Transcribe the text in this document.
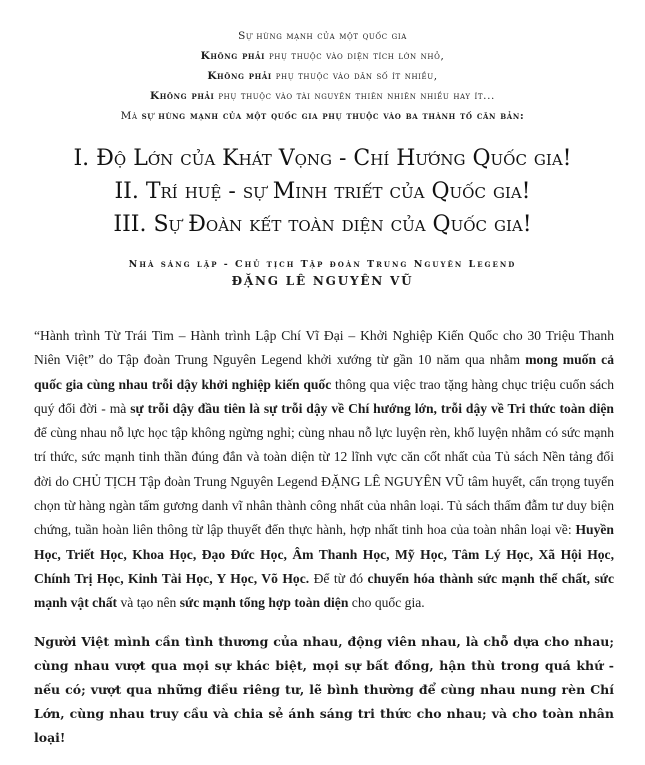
Sự hùng mạnh của một quốc gia
Không phải phụ thuộc vào diện tích lớn nhỏ,
Không phải phụ thuộc vào dân số ít nhiều,
Không phải phụ thuộc vào tài nguyên thiên nhiên nhiều hay ít...
Mà sự hùng mạnh của một quốc gia phụ thuộc vào ba thành tố căn bản:
I. Độ Lớn của Khát Vọng - Chí Hướng Quốc gia!
II. Trí huệ - sự Minh triết của Quốc gia!
III. Sự Đoàn kết toàn diện của Quốc gia!
Nhà sáng lập - Chủ tịch Tập đoàn Trung Nguyên Legend
ĐẶNG LÊ NGUYÊN VŨ
“Hành trình Từ Trái Tim – Hành trình Lập Chí Vĩ Đại – Khởi Nghiệp Kiến Quốc cho 30 Triệu Thanh Niên Việt” do Tập đoàn Trung Nguyên Legend khởi xướng từ gần 10 năm qua nhằm mong muốn cả quốc gia cùng nhau trỗi dậy khởi nghiệp kiến quốc thông qua việc trao tặng hàng chục triệu cuốn sách quý đổi đời - mà sự trỗi dậy đầu tiên là sự trỗi dậy về Chí hướng lớn, trỗi dậy về Tri thức toàn diện để cùng nhau nỗ lực học tập không ngừng nghỉ; cùng nhau nỗ lực luyện rèn, khổ luyện nhằm có sức mạnh trí thức, sức mạnh tinh thần đúng đắn và toàn diện từ 12 lĩnh vực căn cốt nhất của Tủ sách Nền tảng đổi đời do CHỦ TỊCH Tập đoàn Trung Nguyên Legend ĐẶNG LÊ NGUYÊN VŨ tâm huyết, cẩn trọng tuyển chọn từ hàng ngàn tấm gương danh vĩ nhân thành công nhất của nhân loại. Tủ sách thấm đẫm tư duy biện chứng, tuần hoàn liên thông từ lập thuyết đến thực hành, hợp nhất tinh hoa của toàn nhân loại về: Huyền Học, Triết Học, Khoa Học, Đạo Đức Học, Âm Thanh Học, Mỹ Học, Tâm Lý Học, Xã Hội Học, Chính Trị Học, Kinh Tài Học, Y Học, Võ Học. Để từ đó chuyển hóa thành sức mạnh thể chất, sức mạnh vật chất và tạo nên sức mạnh tổng hợp toàn diện cho quốc gia.
Người Việt mình cần tình thương của nhau, động viên nhau, là chỗ dựa cho nhau; cùng nhau vượt qua mọi sự khác biệt, mọi sự bất đồng, hận thù trong quá khứ - nếu có; vượt qua những điều riêng tư, lẽ bình thường để cùng nhau nung rèn Chí Lớn, cùng nhau truy cầu và chia sẻ ánh sáng tri thức cho nhau; và cho toàn nhân loại!
